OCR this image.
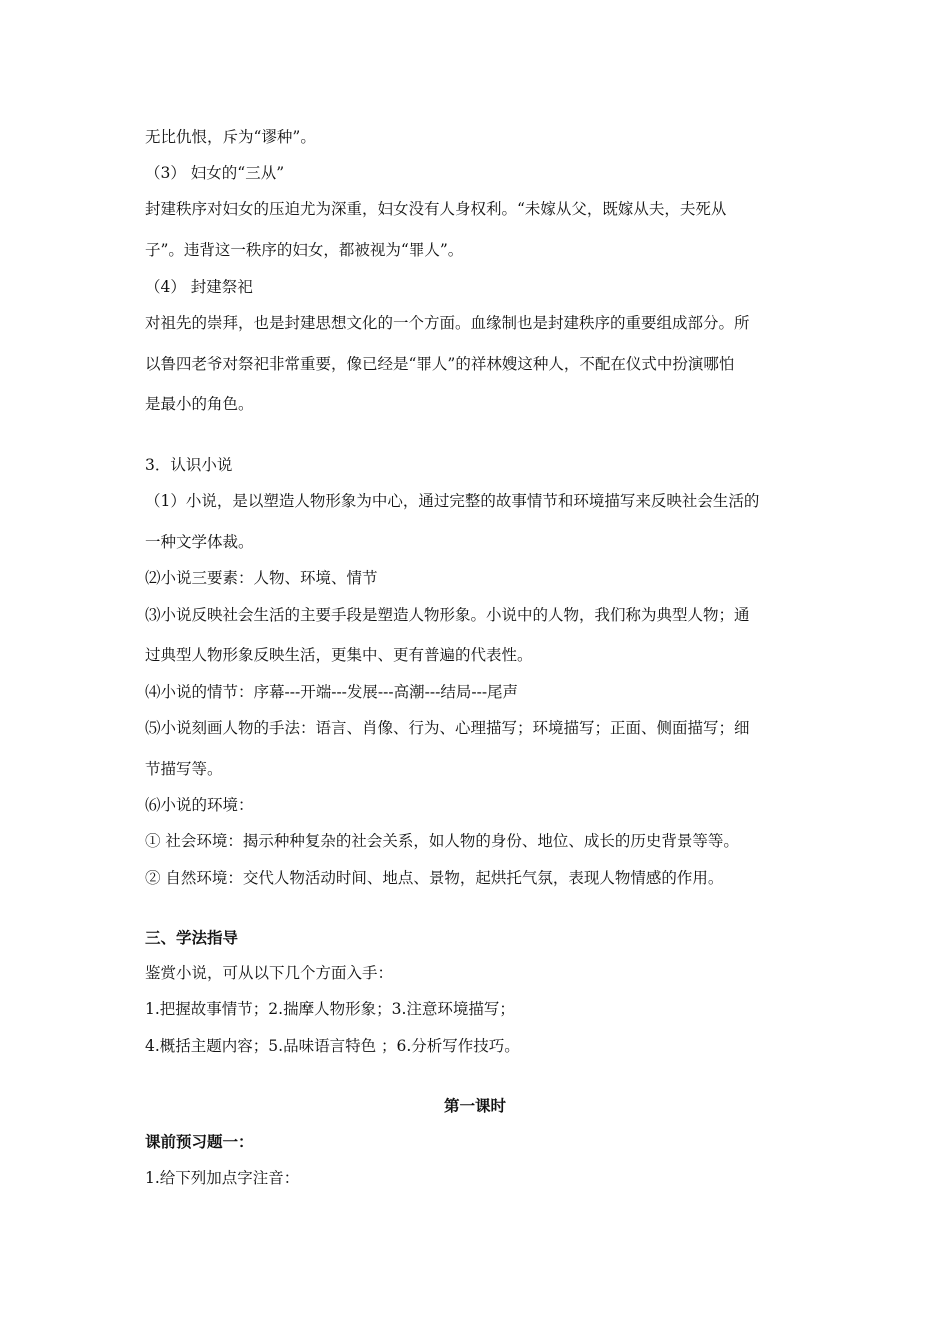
无比仇恨，斥为“谬种”。
（3） 妇女的“三从”
封建秩序对妇女的压迫尤为深重，妇女没有人身权利。“未嫁从父，既嫁从夫，夫死从
子”。违背这一秩序的妇女，都被视为“罪人”。
（4） 封建祭祀
对祖先的崇拜，也是封建思想文化的一个方面。血缘制也是封建秩序的重要组成部分。所
以鲁四老爷对祭祀非常重要，像已经是“罪人”的祥林嫂这种人，不配在仪式中扮演哪怕
是最小的角色。
3．认识小说
（1）小说，是以塑造人物形象为中心，通过完整的故事情节和环境描写来反映社会生活的
一种文学体裁。
⑵小说三要素：人物、环境、情节
⑶小说反映社会生活的主要手段是塑造人物形象。小说中的人物，我们称为典型人物；通
过典型人物形象反映生活，更集中、更有普遍的代表性。
⑷小说的情节：序幕---开端---发展---高潮---结局---尾声
⑸小说刻画人物的手法：语言、肖像、行为、心理描写；环境描写；正面、侧面描写；细
节描写等。
⑹小说的环境：
① 社会环境：揭示种种复杂的社会关系，如人物的身份、地位、成长的历史背景等等。
② 自然环境：交代人物活动时间、地点、景物，起烘托气氛，表现人物情感的作用。
三、学法指导
鉴赏小说，可从以下几个方面入手：
1.把握故事情节；2.揣摩人物形象；3.注意环境描写；
4.概括主题内容；5.品味语言特色 ；6.分析写作技巧。
第一课时
课前预习题一：
1.给下列加点字注音：
